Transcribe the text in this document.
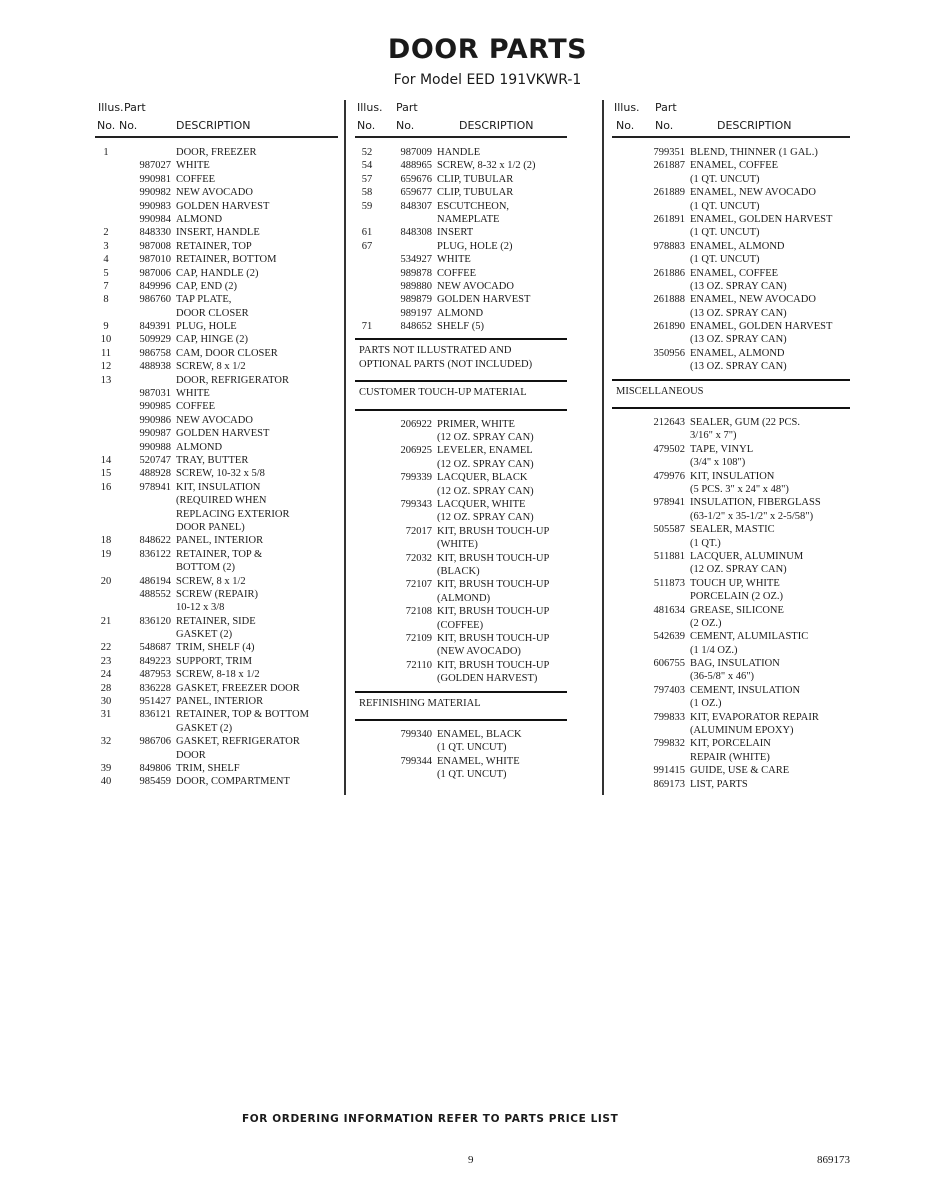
DOOR PARTS
For Model EED 191VKWR-1
Illus. Part
No. No.	DESCRIPTION
1	DOOR, FREEZER
987027 WHITE
990981 COFFEE
990982 NEW AVOCADO
990983 GOLDEN HARVEST
990984 ALMOND
2	848330 INSERT, HANDLE
3	987008 RETAINER, TOP
4	987010 RETAINER, BOTTOM
5	987006 CAP, HANDLE (2)
7	849996 CAP, END (2)
8	986760 TAP PLATE,
DOOR CLOSER
9	849391 PLUG, HOLE
10	509929 CAP, HINGE (2)
11	986758 CAM, DOOR CLOSER
12	488938 SCREW, 8 x 1/2
13	DOOR, REFRIGERATOR
987031 WHITE
990985 COFFEE
990986 NEW AVOCADO
990987 GOLDEN HARVEST
990988 ALMOND
14	520747 TRAY, BUTTER
15	488928 SCREW, 10-32 x 5/8
16	978941 KIT, INSULATION
(REQUIRED WHEN
REPLACING EXTERIOR
DOOR PANEL)
18	848622 PANEL, INTERIOR
19	836122 RETAINER, TOP &
BOTTOM (2)
20	486194 SCREW, 8 x 1/2
488552 SCREW (REPAIR)
10-12 x 3/8
21	836120 RETAINER, SIDE
GASKET (2)
22	548687 TRIM, SHELF (4)
23	849223 SUPPORT, TRIM
24	487953 SCREW, 8-18 x 1/2
28	836228 GASKET, FREEZER DOOR
30	951427 PANEL, INTERIOR
31	836121 RETAINER, TOP & BOTTOM
GASKET (2)
32	986706 GASKET, REFRIGERATOR
DOOR
39	849806 TRIM, SHELF
40	985459 DOOR, COMPARTMENT
Illus. Part
No. No.	DESCRIPTION
52	987009 HANDLE
54	488965 SCREW, 8-32 x 1/2 (2)
57	659676 CLIP, TUBULAR
58	659677 CLIP, TUBULAR
59	848307 ESCUTCHEON,
NAMEPLATE
61	848308 INSERT
67	PLUG, HOLE (2)
534927 WHITE
989878 COFFEE
989880 NEW AVOCADO
989879 GOLDEN HARVEST
989197 ALMOND
71	848652 SHELF (5)
PARTS NOT ILLUSTRATED AND
OPTIONAL PARTS (NOT INCLUDED)
CUSTOMER TOUCH-UP MATERIAL
206922 PRIMER, WHITE
(12 OZ. SPRAY CAN)
206925 LEVELER, ENAMEL
(12 OZ. SPRAY CAN)
799339 LACQUER, BLACK
(12 OZ. SPRAY CAN)
799343 LACQUER, WHITE
(12 OZ. SPRAY CAN)
72017 KIT, BRUSH TOUCH-UP
(WHITE)
72032 KIT, BRUSH TOUCH-UP
(BLACK)
72107 KIT, BRUSH TOUCH-UP
(ALMOND)
72108 KIT, BRUSH TOUCH-UP
(COFFEE)
72109 KIT, BRUSH TOUCH-UP
(NEW AVOCADO)
72110 KIT, BRUSH TOUCH-UP
(GOLDEN HARVEST)
REFINISHING MATERIAL
799340 ENAMEL, BLACK
(1 QT. UNCUT)
799344 ENAMEL, WHITE
(1 QT. UNCUT)
Illus. Part
No. No.	DESCRIPTION
799351 BLEND, THINNER (1 GAL.)
261887 ENAMEL, COFFEE
(1 QT. UNCUT)
261889 ENAMEL, NEW AVOCADO
(1 QT. UNCUT)
261891 ENAMEL, GOLDEN HARVEST
(1 QT. UNCUT)
978883 ENAMEL, ALMOND
(1 QT. UNCUT)
261886 ENAMEL, COFFEE
(13 OZ. SPRAY CAN)
261888 ENAMEL, NEW AVOCADO
(13 OZ. SPRAY CAN)
261890 ENAMEL, GOLDEN HARVEST
(13 OZ. SPRAY CAN)
350956 ENAMEL, ALMOND
(13 OZ. SPRAY CAN)
MISCELLANEOUS
212643 SEALER, GUM (22 PCS.
3/16" x 7")
479502 TAPE, VINYL
(3/4" x 108")
479976 KIT, INSULATION
(5 PCS. 3" x 24" x 48")
978941 INSULATION, FIBERGLASS
(63-1/2" x 35-1/2" x 2-5/58")
505587 SEALER, MASTIC
(1 QT.)
511881 LACQUER, ALUMINUM
(12 OZ. SPRAY CAN)
511873 TOUCH UP, WHITE
PORCELAIN (2 OZ.)
481634 GREASE, SILICONE
(2 OZ.)
542639 CEMENT, ALUMILASTIC
(1 1/4 OZ.)
606755 BAG, INSULATION
(36-5/8" x 46")
797403 CEMENT, INSULATION
(1 OZ.)
799833 KIT, EVAPORATOR REPAIR
(ALUMINUM EPOXY)
799832 KIT, PORCELAIN
REPAIR (WHITE)
991415 GUIDE, USE & CARE
869173 LIST, PARTS
FOR ORDERING INFORMATION REFER TO PARTS PRICE LIST
9	869173
